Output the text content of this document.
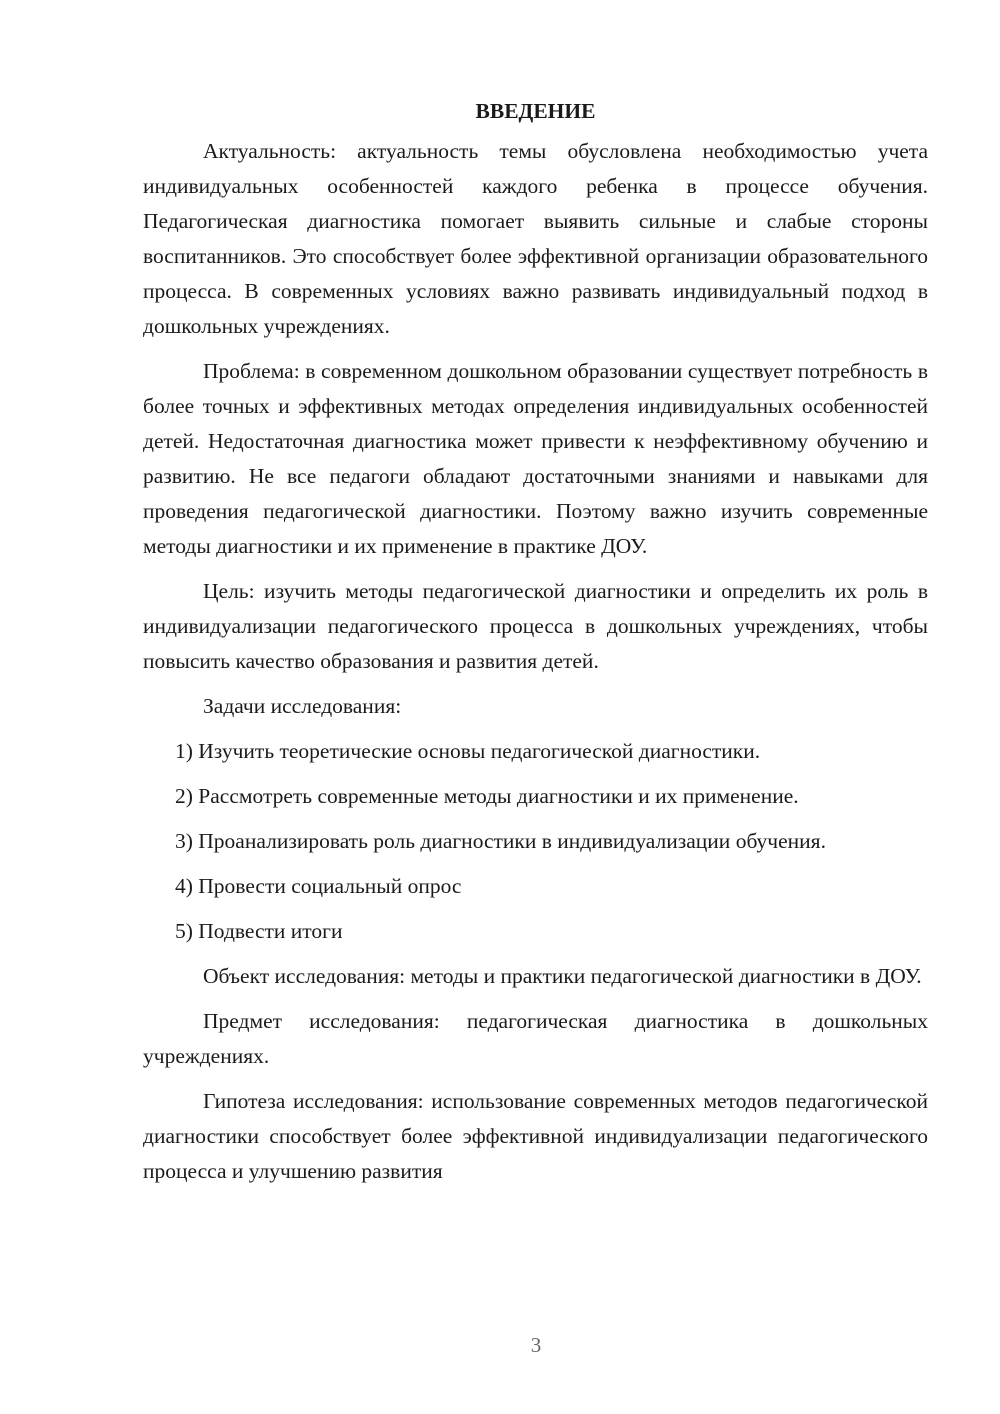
ВВЕДЕНИЕ

Актуальность: актуальность темы обусловлена необходимостью учета индивидуальных особенностей каждого ребенка в процессе обучения. Педагогическая диагностика помогает выявить сильные и слабые стороны воспитанников. Это способствует более эффективной организации образовательного процесса. В современных условиях важно развивать индивидуальный подход в дошкольных учреждениях.

Проблема: в современном дошкольном образовании существует потребность в более точных и эффективных методах определения индивидуальных особенностей детей. Недостаточная диагностика может привести к неэффективному обучению и развитию. Не все педагоги обладают достаточными знаниями и навыками для проведения педагогической диагностики. Поэтому важно изучить современные методы диагностики и их применение в практике ДОУ.

Цель: изучить методы педагогической диагностики и определить их роль в индивидуализации педагогического процесса в дошкольных учреждениях, чтобы повысить качество образования и развития детей.

Задачи исследования:

1) Изучить теоретические основы педагогической диагностики.

2) Рассмотреть современные методы диагностики и их применение.

3) Проанализировать роль диагностики в индивидуализации обучения.

4) Провести социальный опрос

5) Подвести итоги

Объект исследования: методы и практики педагогической диагностики в ДОУ.

Предмет исследования: педагогическая диагностика в дошкольных учреждениях.

Гипотеза исследования: использование современных методов педагогической диагностики способствует более эффективной индивидуализации педагогического процесса и улучшению развития

3
